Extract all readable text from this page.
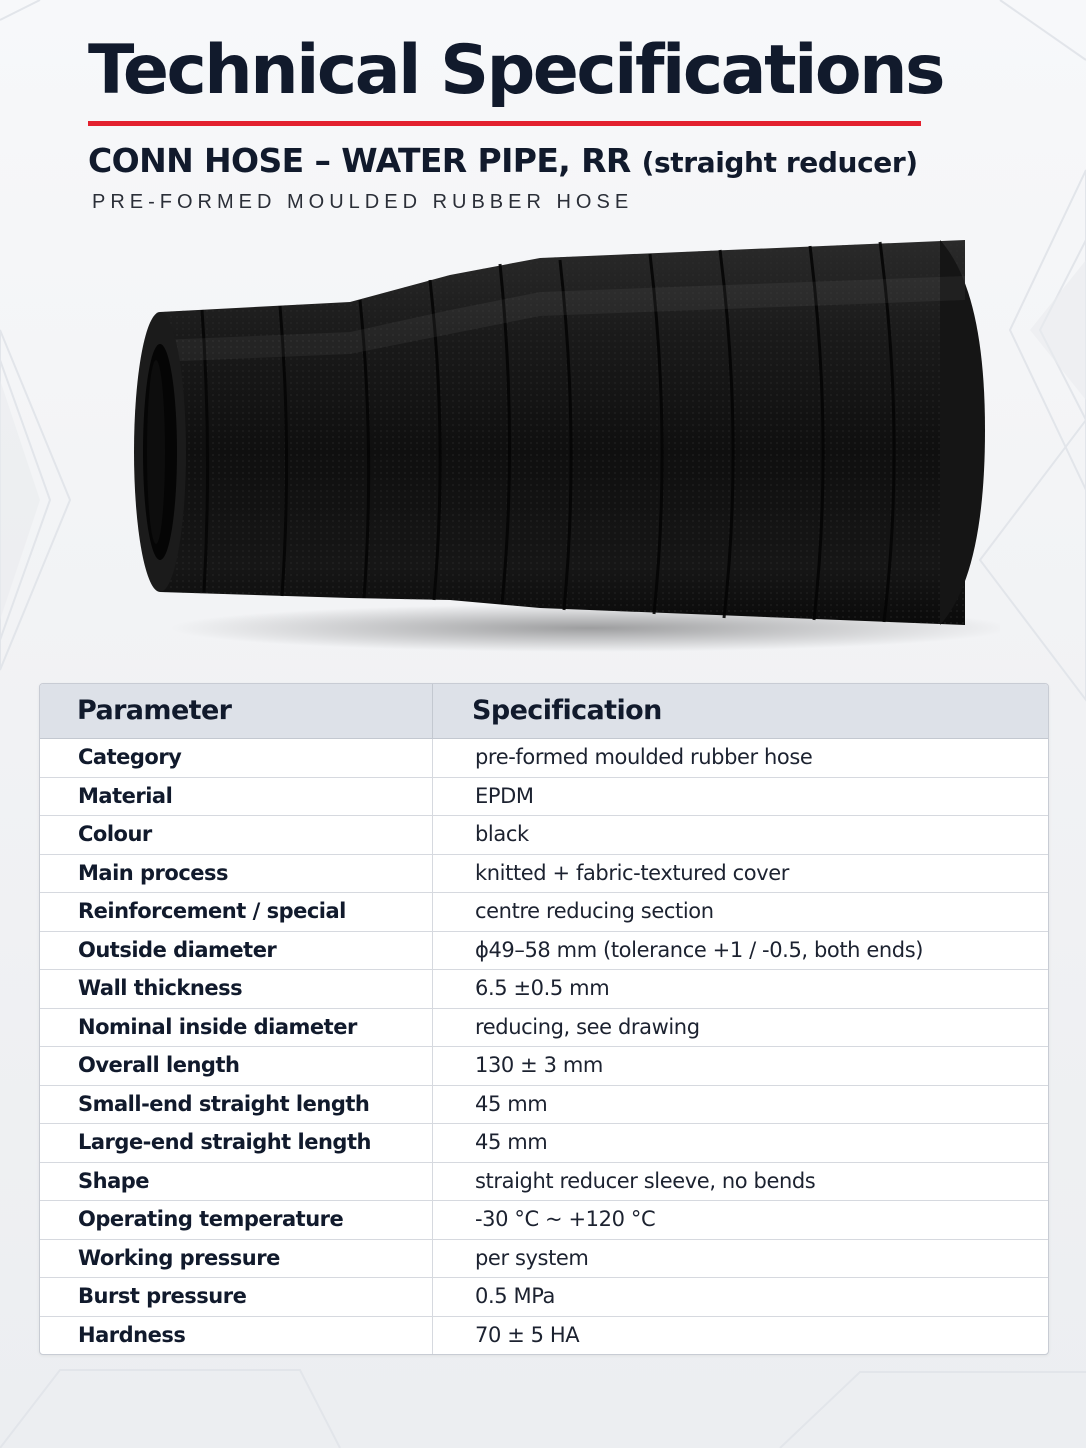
Technical Specifications
CONN HOSE – WATER PIPE, RR (straight reducer)

PRE-FORMED MOULDED RUBBER HOSE

Parameter	Specification
Category	pre-formed moulded rubber hose
Material	EPDM
Colour	black
Main process	knitted + fabric-textured cover
Reinforcement / special	centre reducing section
Outside diameter	ϕ49–58 mm (tolerance +1 / -0.5, both ends)
Wall thickness	6.5 ±0.5 mm
Nominal inside diameter	reducing, see drawing
Overall length	130 ± 3 mm
Small-end straight length	45 mm
Large-end straight length	45 mm
Shape	straight reducer sleeve, no bends
Operating temperature	-30 °C ~ +120 °C
Working pressure	per system
Burst pressure	0.5 MPa
Hardness	70 ± 5 HA
